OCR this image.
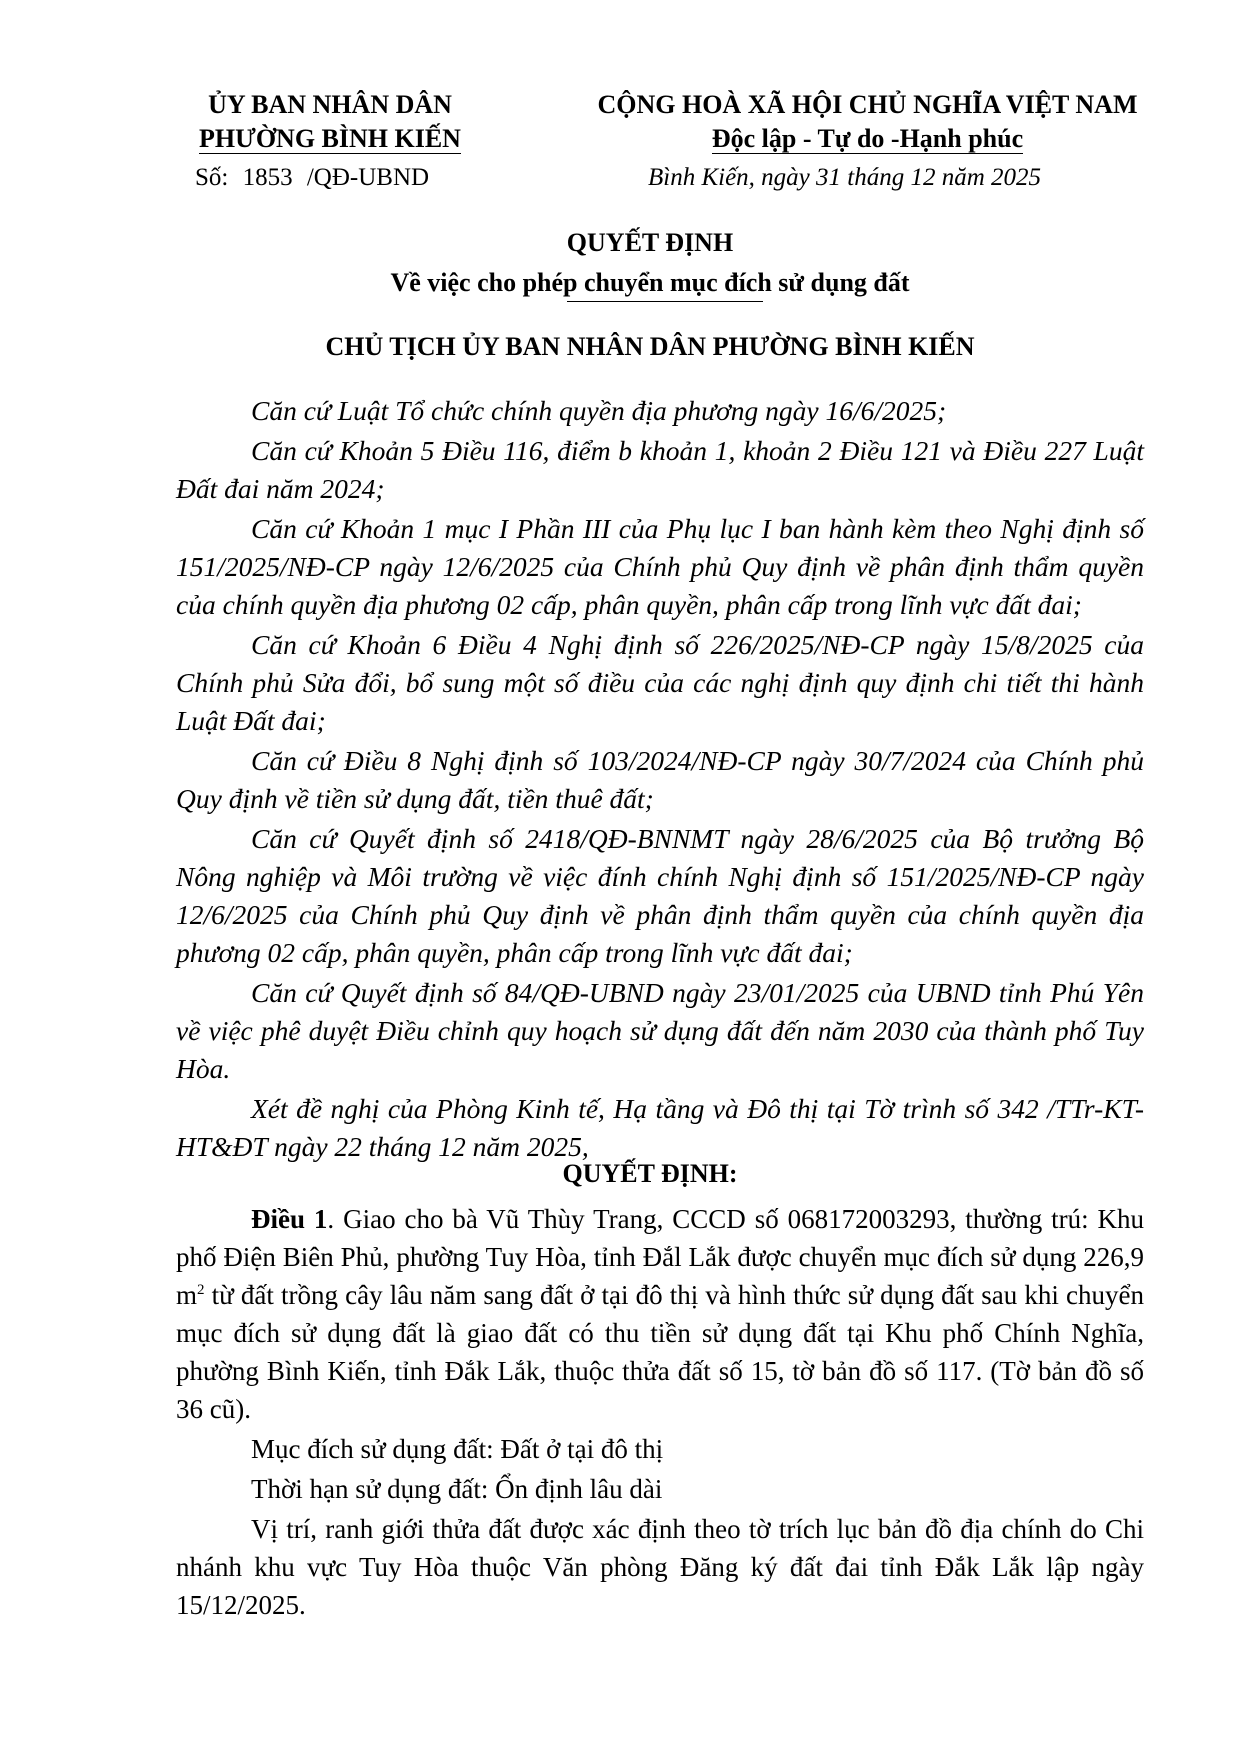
ỦY BAN NHÂN DÂN
PHƯỜNG BÌNH KIẾN
CỘNG HOÀ XÃ HỘI CHỦ NGHĨA VIỆT NAM
Độc lập - Tự do -Hạnh phúc
Số: 1853 /QĐ-UBND	Bình Kiến, ngày 31 tháng 12 năm 2025
QUYẾT ĐỊNH
Về việc cho phép chuyển mục đích sử dụng đất
CHỦ TỊCH ỦY BAN NHÂN DÂN PHƯỜNG BÌNH KIẾN

Căn cứ Luật Tổ chức chính quyền địa phương ngày 16/6/2025;

Căn cứ Khoản 5 Điều 116, điểm b khoản 1, khoản 2 Điều 121 và Điều 227 Luật Đất đai năm 2024;

Căn cứ Khoản 1 mục I Phần III của Phụ lục I ban hành kèm theo Nghị định số 151/2025/NĐ-CP ngày 12/6/2025 của Chính phủ Quy định về phân định thẩm quyền của chính quyền địa phương 02 cấp, phân quyền, phân cấp trong lĩnh vực đất đai;

Căn cứ Khoản 6 Điều 4 Nghị định số 226/2025/NĐ-CP ngày 15/8/2025 của Chính phủ Sửa đổi, bổ sung một số điều của các nghị định quy định chi tiết thi hành Luật Đất đai;

Căn cứ Điều 8 Nghị định số 103/2024/NĐ-CP ngày 30/7/2024 của Chính phủ Quy định về tiền sử dụng đất, tiền thuê đất;

Căn cứ Quyết định số 2418/QĐ-BNNMT ngày 28/6/2025 của Bộ trưởng Bộ Nông nghiệp và Môi trường về việc đính chính Nghị định số 151/2025/NĐ-CP ngày 12/6/2025 của Chính phủ Quy định về phân định thẩm quyền của chính quyền địa phương 02 cấp, phân quyền, phân cấp trong lĩnh vực đất đai;

Căn cứ Quyết định số 84/QĐ-UBND ngày 23/01/2025 của UBND tỉnh Phú Yên về việc phê duyệt Điều chỉnh quy hoạch sử dụng đất đến năm 2030 của thành phố Tuy Hòa.

Xét đề nghị của Phòng Kinh tế, Hạ tầng và Đô thị tại Tờ trình số 342 /TTr-KT-HT&ĐT ngày 22 tháng 12 năm 2025,

QUYẾT ĐỊNH:

Điều 1. Giao cho bà Vũ Thùy Trang, CCCD số 068172003293, thường trú: Khu phố Điện Biên Phủ, phường Tuy Hòa, tỉnh Đắl Lắk được chuyển mục đích sử dụng 226,9 $m^2$ từ đất trồng cây lâu năm sang đất ở tại đô thị và hình thức sử dụng đất sau khi chuyển mục đích sử dụng đất là giao đất có thu tiền sử dụng đất tại Khu phố Chính Nghĩa, phường Bình Kiến, tỉnh Đắk Lắk, thuộc thửa đất số 15, tờ bản đồ số 117. (Tờ bản đồ số 36 cũ).

Mục đích sử dụng đất: Đất ở tại đô thị

Thời hạn sử dụng đất: Ổn định lâu dài

Vị trí, ranh giới thửa đất được xác định theo tờ trích lục bản đồ địa chính do Chi nhánh khu vực Tuy Hòa thuộc Văn phòng Đăng ký đất đai tỉnh Đắk Lắk lập ngày 15/12/2025.
